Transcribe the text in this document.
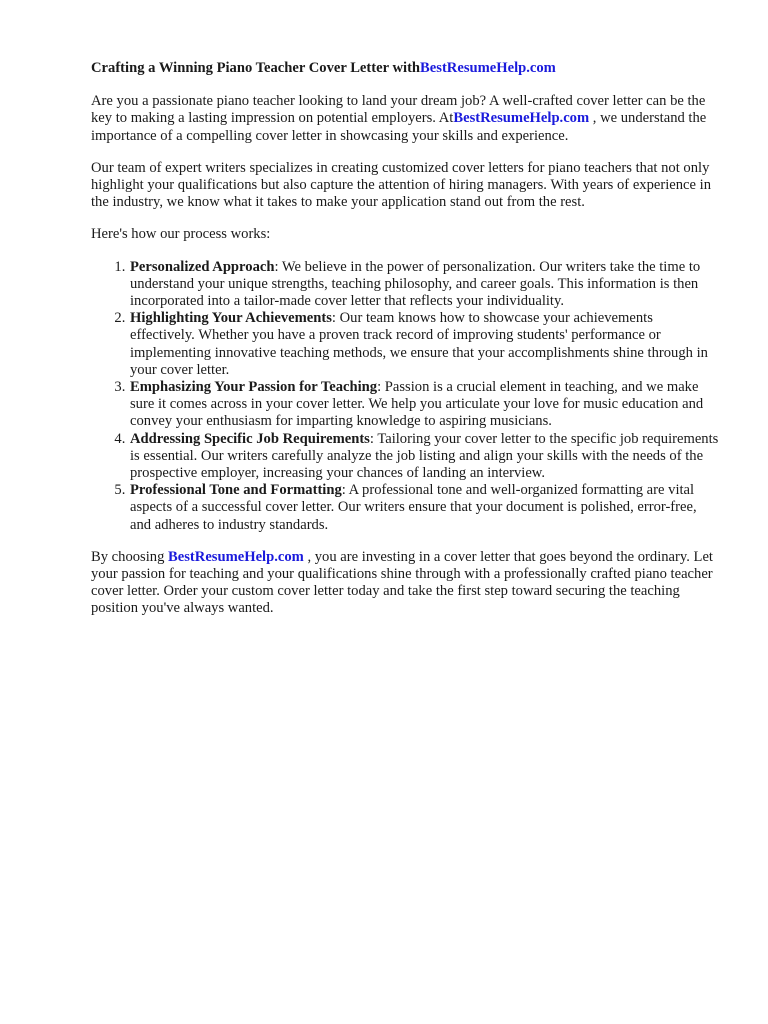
Crafting a Winning Piano Teacher Cover Letter withBestResumeHelp.com

Are you a passionate piano teacher looking to land your dream job? A well-crafted cover letter can be the key to making a lasting impression on potential employers. AtBestResumeHelp.com , we understand the importance of a compelling cover letter in showcasing your skills and experience.

Our team of expert writers specializes in creating customized cover letters for piano teachers that not only highlight your qualifications but also capture the attention of hiring managers. With years of experience in the industry, we know what it takes to make your application stand out from the rest.

Here's how our process works:

1. Personalized Approach: We believe in the power of personalization. Our writers take the time to understand your unique strengths, teaching philosophy, and career goals. This information is then incorporated into a tailor-made cover letter that reflects your individuality.
2. Highlighting Your Achievements: Our team knows how to showcase your achievements effectively. Whether you have a proven track record of improving students' performance or implementing innovative teaching methods, we ensure that your accomplishments shine through in your cover letter.
3. Emphasizing Your Passion for Teaching: Passion is a crucial element in teaching, and we make sure it comes across in your cover letter. We help you articulate your love for music education and convey your enthusiasm for imparting knowledge to aspiring musicians.
4. Addressing Specific Job Requirements: Tailoring your cover letter to the specific job requirements is essential. Our writers carefully analyze the job listing and align your skills with the needs of the prospective employer, increasing your chances of landing an interview.
5. Professional Tone and Formatting: A professional tone and well-organized formatting are vital aspects of a successful cover letter. Our writers ensure that your document is polished, error-free, and adheres to industry standards.

By choosing BestResumeHelp.com , you are investing in a cover letter that goes beyond the ordinary. Let your passion for teaching and your qualifications shine through with a professionally crafted piano teacher cover letter. Order your custom cover letter today and take the first step toward securing the teaching position you've always wanted.
